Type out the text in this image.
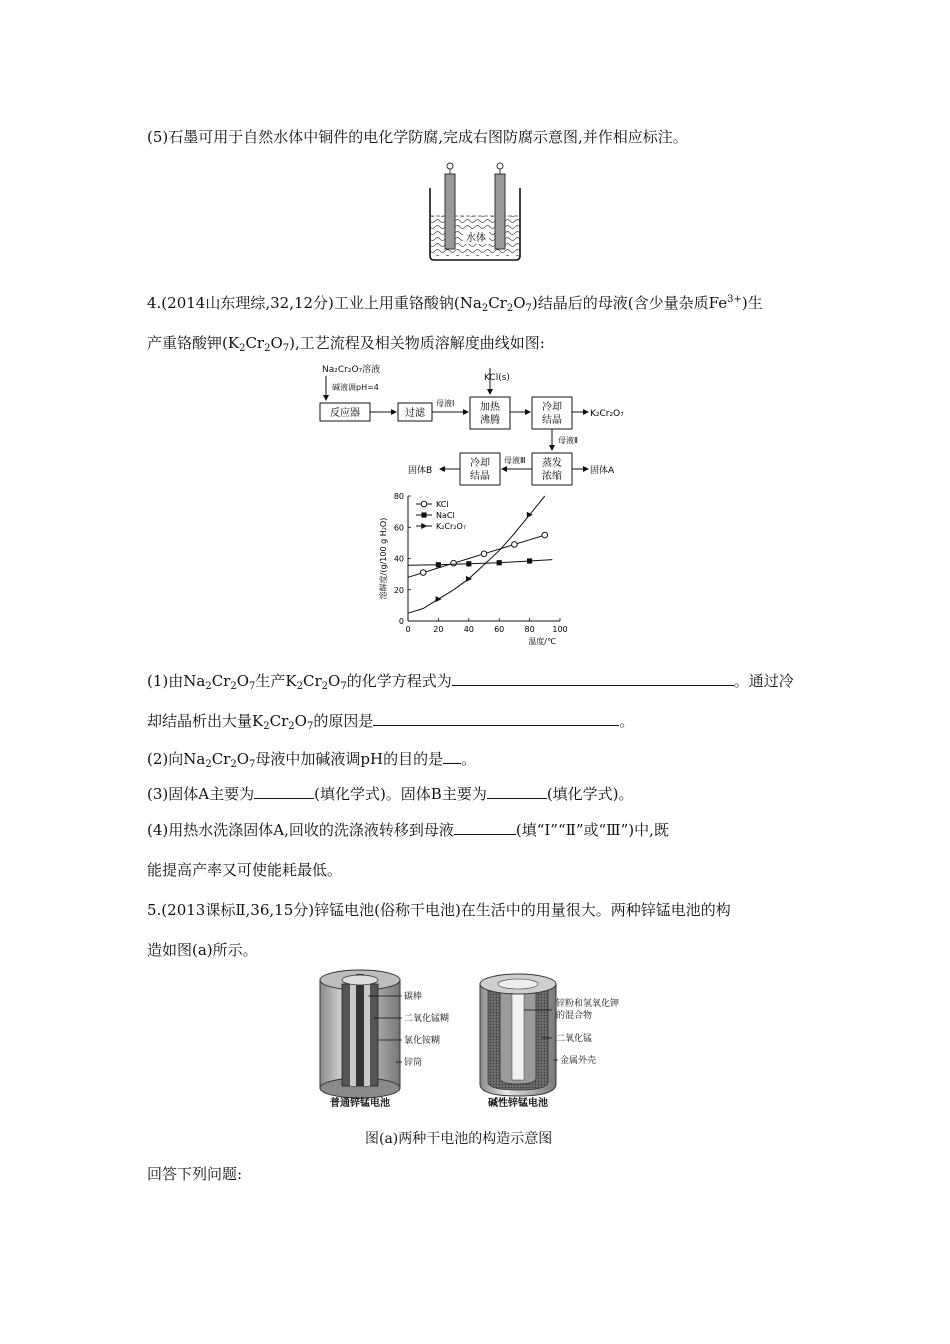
(5)石墨可用于自然水体中铜件的电化学防腐,完成右图防腐示意图,并作相应标注。
水体
4.(2014山东理综,32,12分)工业上用重铬酸钠$(Na_2Cr_2O_7)$结晶后的母液(含少量杂质$Fe^{3+}$)生
产重铬酸钾$(K_2Cr_2O_7)$,工艺流程及相关物质溶解度曲线如图:
Na₂Cr₂O₇溶液
碱液调pH=4
KCl(s)
反应器	过滤
母液Ⅰ	加热
沸腾
冷却
结晶
K₂Cr₂O₇
母液Ⅱ
蒸发
浓缩	固体A
母液Ⅲ
冷却
结晶
固体B
0	20	40	60	80 100
0
20
40
60
80
温度/℃
溶解度/(g/100 g H₂O)
KCl
NaCl
K₂Cr₂O₇
(1)由$Na_2Cr_2O_7$生产$K_2Cr_2O_7$的化学方程式为	。通过冷
却结晶析出大量$K_2Cr_2O_7$的原因是	。
(2)向$Na_2Cr_2O_7$母液中加碱液调pH的目的是 。
(3)固体A主要为	(填化学式)。固体B主要为	(填化学式)。
(4)用热水洗涤固体A,回收的洗涤液转移到母液	(填“Ⅰ”“Ⅱ”或“Ⅲ”)中,既
能提高产率又可使能耗最低。
5.(2013课标Ⅱ,36,15分)锌锰电池(俗称干电池)在生活中的用量很大。两种锌锰电池的构
造如图(a)所示。
碳棒
二氧化锰糊
氯化铵糊
锌筒
普通锌锰电池
锌粉和氢氧化钾
的混合物
二氧化锰
金属外壳
碱性锌锰电池
图(a)两种干电池的构造示意图
回答下列问题:
